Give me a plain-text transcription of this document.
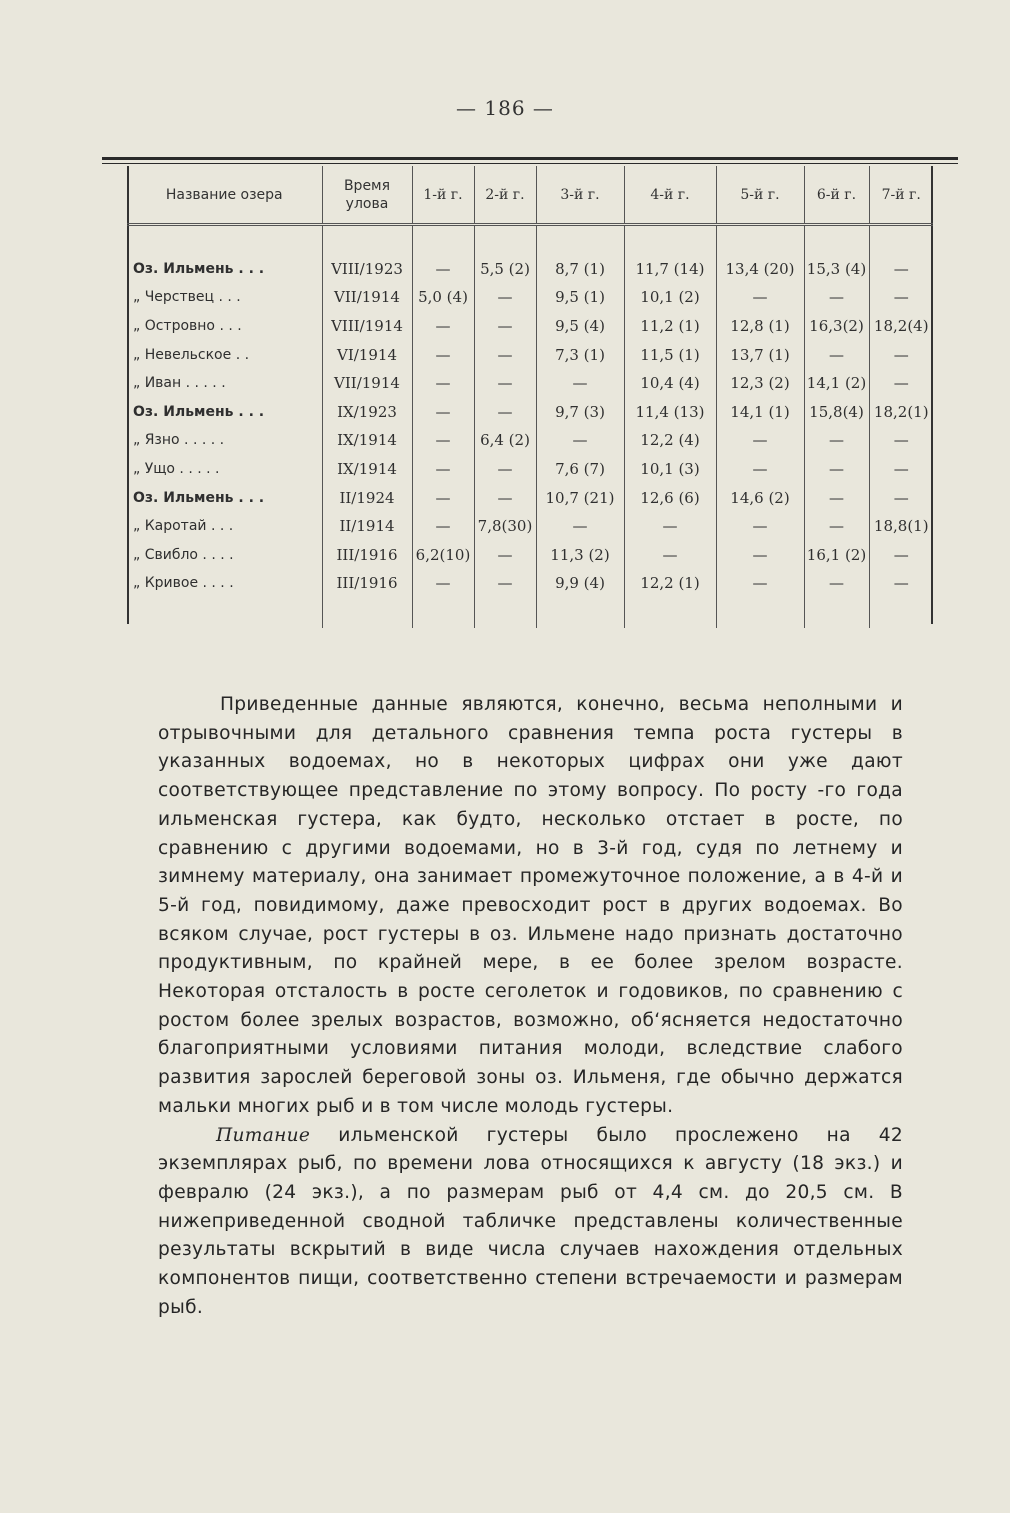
— 186 —
Название озера	Время улова	1-й г.	2-й г.	3-й г.	4-й г.	5-й г.	6-й г.	7-й г.

Оз. Ильмень . . .	VIII/1923	—	5,5 (2)	8,7 (1)	11,7 (14)	13,4 (20)	15,3 (4)	—
„ Черствец . . .	VII/1914	5,0 (4)	—	9,5 (1)	10,1 (2)	—	—	—
„ Островно . . .	VIII/1914	—	—	9,5 (4)	11,2 (1)	12,8 (1)	16,3(2)	18,2(4)
„ Невельское . .	VI/1914	—	—	7,3 (1)	11,5 (1)	13,7 (1)	—	—
„ Иван . . . . .	VII/1914	—	—	—	10,4 (4)	12,3 (2)	14,1 (2)	—
Оз. Ильмень . . .	IX/1923	—	—	9,7 (3)	11,4 (13)	14,1 (1)	15,8(4)	18,2(1)
„ Язно . . . . .	IX/1914	—	6,4 (2)	—	12,2 (4)	—	—	—
„ Ущо . . . . .	IX/1914	—	—	7,6 (7)	10,1 (3)	—	—	—
Оз. Ильмень . . .	II/1924	—	—	10,7 (21)	12,6 (6)	14,6 (2)	—	—
„ Каротай . . .	II/1914	—	7,8(30)	—	—	—	—	18,8(1)
„ Свибло . . . .	III/1916	6,2(10)	—	11,3 (2)	—	—	16,1 (2)	—
„ Кривое . . . .	III/1916	—	—	9,9 (4)	12,2 (1)	—	—	—

Приведенные данные являются, конечно, весьма неполными и отрывочными для детального сравнения темпа роста густеры в указанных водоемах, но в некоторых цифрах они уже дают соответствующее представление по этому вопросу. По росту -го года ильменская густера, как будто, несколько отстает в росте, по сравнению с другими водоемами, но в 3-й год, судя по летнему и зимнему материалу, она занимает промежуточное положение, а в 4-й и 5-й год, повидимому, даже превосходит рост в других водоемах. Во всяком случае, рост густеры в оз. Ильмене надо признать достаточно продуктивным, по крайней мере, в ее более зрелом возрасте. Некоторая отсталость в росте сеголеток и годовиков, по сравнению с ростом более зрелых возрастов, возможно, об‘ясняется недостаточно благоприятными условиями питания молоди, вследствие слабого развития зарослей береговой зоны оз. Ильменя, где обычно держатся мальки многих рыб и в том числе молодь густеры.

Питание ильменской густеры было прослежено на 42 экземплярах рыб, по времени лова относящихся к августу (18 экз.) и февралю (24 экз.), а по размерам рыб от 4,4 см. до 20,5 см. В нижеприведенной сводной табличке представлены количественные результаты вскрытий в виде числа случаев нахождения отдельных компонентов пищи, соответственно степени встречаемости и размерам рыб.
